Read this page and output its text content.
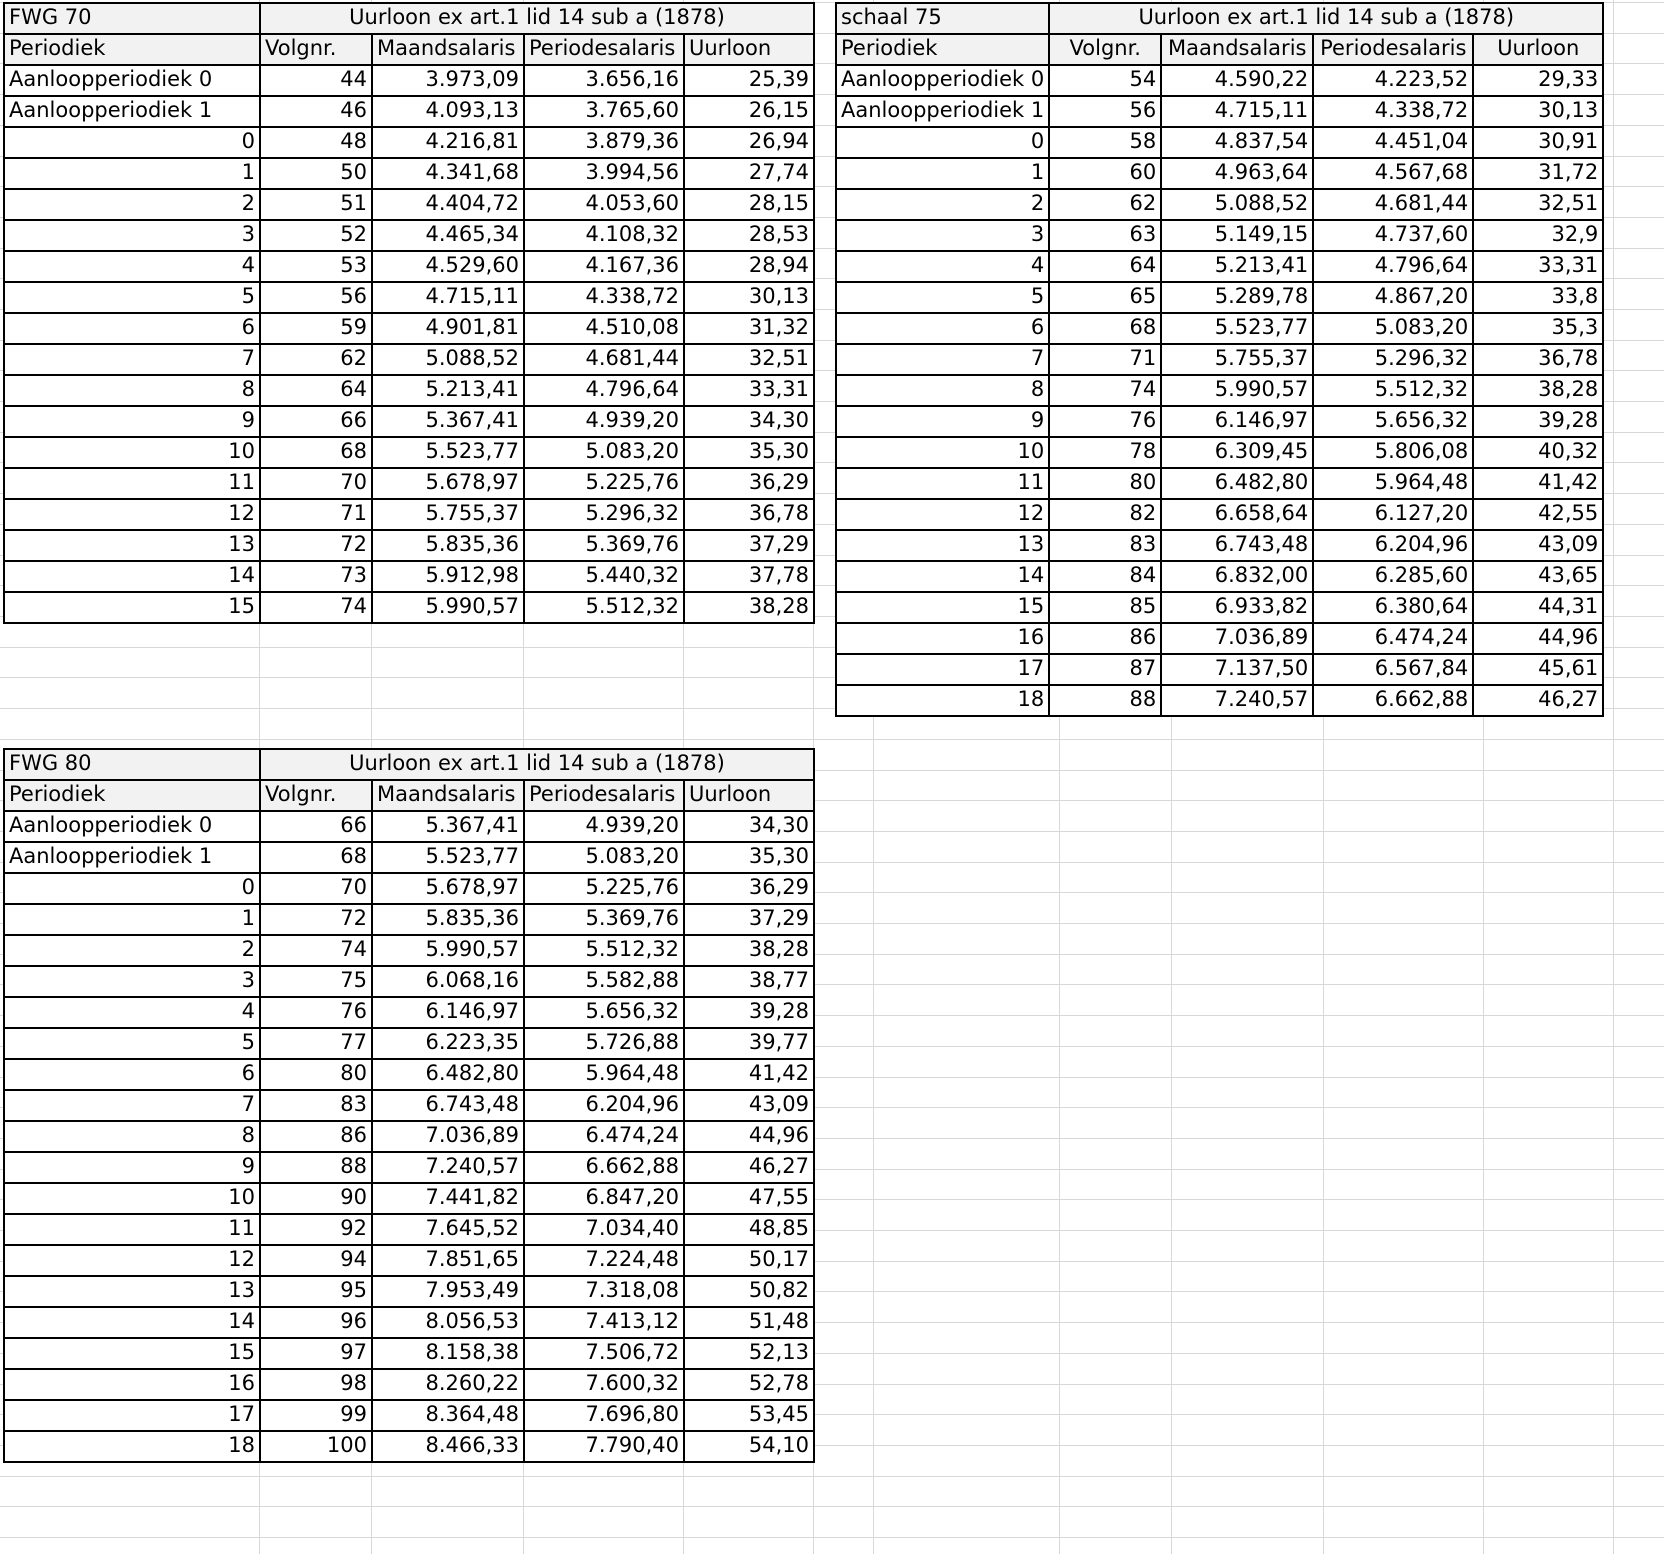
FWG 70	Uurloon ex art.1 lid 14 sub a (1878)			
Periodiek	Volgnr.	Maandsalaris	Periodesalaris	Uurloon
Aanloopperiodiek 0	44	3.973,09	3.656,16	25,39
Aanloopperiodiek 1	46	4.093,13	3.765,60	26,15
0	48	4.216,81	3.879,36	26,94
1	50	4.341,68	3.994,56	27,74
2	51	4.404,72	4.053,60	28,15
3	52	4.465,34	4.108,32	28,53
4	53	4.529,60	4.167,36	28,94
5	56	4.715,11	4.338,72	30,13
6	59	4.901,81	4.510,08	31,32
7	62	5.088,52	4.681,44	32,51
8	64	5.213,41	4.796,64	33,31
9	66	5.367,41	4.939,20	34,30
10	68	5.523,77	5.083,20	35,30
11	70	5.678,97	5.225,76	36,29
12	71	5.755,37	5.296,32	36,78
13	72	5.835,36	5.369,76	37,29
14	73	5.912,98	5.440,32	37,78
15	74	5.990,57	5.512,32	38,28
schaal 75	Uurloon ex art.1 lid 14 sub a (1878)			
Periodiek	Volgnr.	Maandsalaris	Periodesalaris	Uurloon
Aanloopperiodiek 0	54	4.590,22	4.223,52	29,33
Aanloopperiodiek 1	56	4.715,11	4.338,72	30,13
0	58	4.837,54	4.451,04	30,91
1	60	4.963,64	4.567,68	31,72
2	62	5.088,52	4.681,44	32,51
3	63	5.149,15	4.737,60	32,9
4	64	5.213,41	4.796,64	33,31
5	65	5.289,78	4.867,20	33,8
6	68	5.523,77	5.083,20	35,3
7	71	5.755,37	5.296,32	36,78
8	74	5.990,57	5.512,32	38,28
9	76	6.146,97	5.656,32	39,28
10	78	6.309,45	5.806,08	40,32
11	80	6.482,80	5.964,48	41,42
12	82	6.658,64	6.127,20	42,55
13	83	6.743,48	6.204,96	43,09
14	84	6.832,00	6.285,60	43,65
15	85	6.933,82	6.380,64	44,31
16	86	7.036,89	6.474,24	44,96
17	87	7.137,50	6.567,84	45,61
18	88	7.240,57	6.662,88	46,27
FWG 80	Uurloon ex art.1 lid 14 sub a (1878)			
Periodiek	Volgnr.	Maandsalaris	Periodesalaris	Uurloon
Aanloopperiodiek 0	66	5.367,41	4.939,20	34,30
Aanloopperiodiek 1	68	5.523,77	5.083,20	35,30
0	70	5.678,97	5.225,76	36,29
1	72	5.835,36	5.369,76	37,29
2	74	5.990,57	5.512,32	38,28
3	75	6.068,16	5.582,88	38,77
4	76	6.146,97	5.656,32	39,28
5	77	6.223,35	5.726,88	39,77
6	80	6.482,80	5.964,48	41,42
7	83	6.743,48	6.204,96	43,09
8	86	7.036,89	6.474,24	44,96
9	88	7.240,57	6.662,88	46,27
10	90	7.441,82	6.847,20	47,55
11	92	7.645,52	7.034,40	48,85
12	94	7.851,65	7.224,48	50,17
13	95	7.953,49	7.318,08	50,82
14	96	8.056,53	7.413,12	51,48
15	97	8.158,38	7.506,72	52,13
16	98	8.260,22	7.600,32	52,78
17	99	8.364,48	7.696,80	53,45
18	100	8.466,33	7.790,40	54,10
